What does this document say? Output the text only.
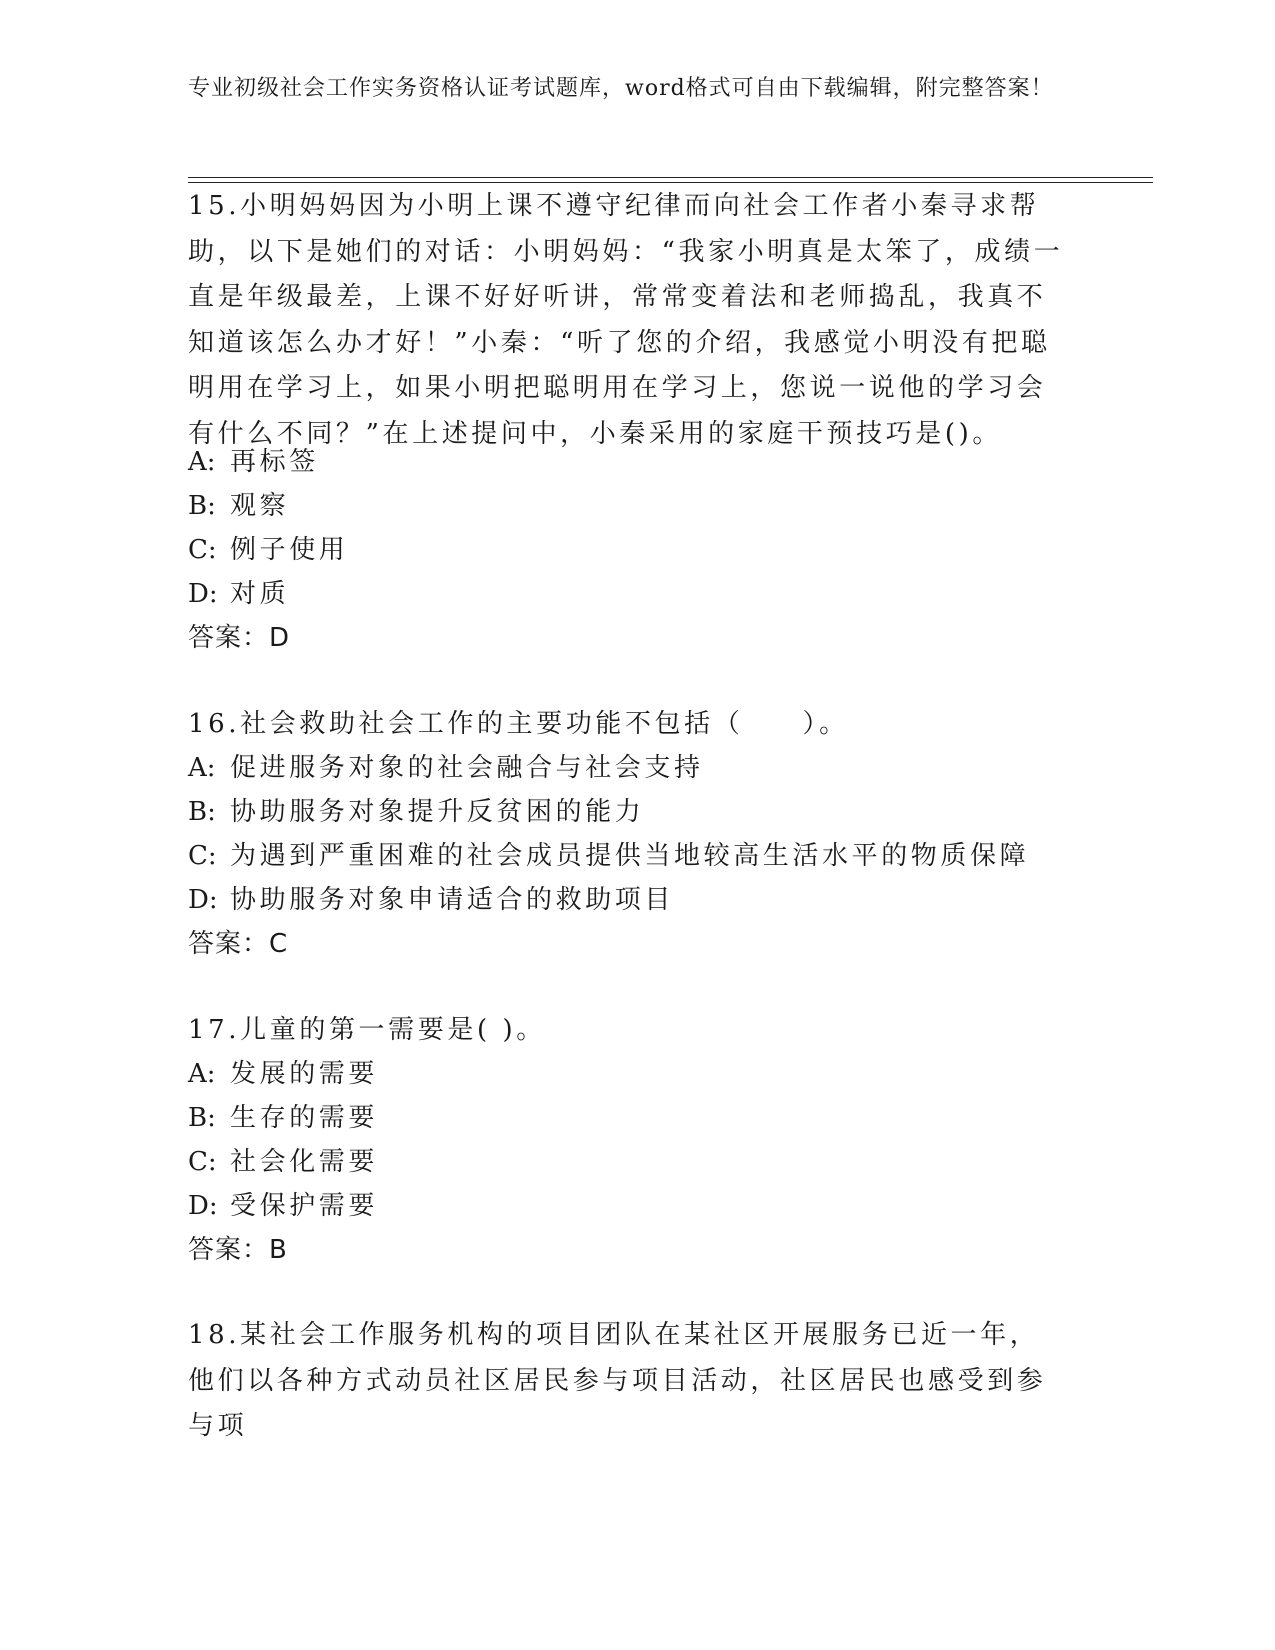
专业初级社会工作实务资格认证考试题库，word格式可自由下载编辑，附完整答案！

15.小明妈妈因为小明上课不遵守纪律而向社会工作者小秦寻求帮助，以下是她们的对话：小明妈妈：“我家小明真是太笨了，成绩一直是年级最差，上课不好好听讲，常常变着法和老师捣乱，我真不知道该怎么办才好！”小秦：“听了您的介绍，我感觉小明没有把聪明用在学习上，如果小明把聪明用在学习上，您说一说他的学习会有什么不同？”在上述提问中，小秦采用的家庭干预技巧是()。

A: 再标签
B: 观察
C: 例子使用
D: 对质
答案：D
16.社会救助社会工作的主要功能不包括（　　）。
A: 促进服务对象的社会融合与社会支持
B: 协助服务对象提升反贫困的能力
C: 为遇到严重困难的社会成员提供当地较高生活水平的物质保障
D: 协助服务对象申请适合的救助项目
答案：C
17.儿童的第一需要是( )。
A: 发展的需要
B: 生存的需要
C: 社会化需要
D: 受保护需要
答案：B

18.某社会工作服务机构的项目团队在某社区开展服务已近一年， 他们以各种方式动员社区居民参与项目活动，社区居民也感受到参与项
